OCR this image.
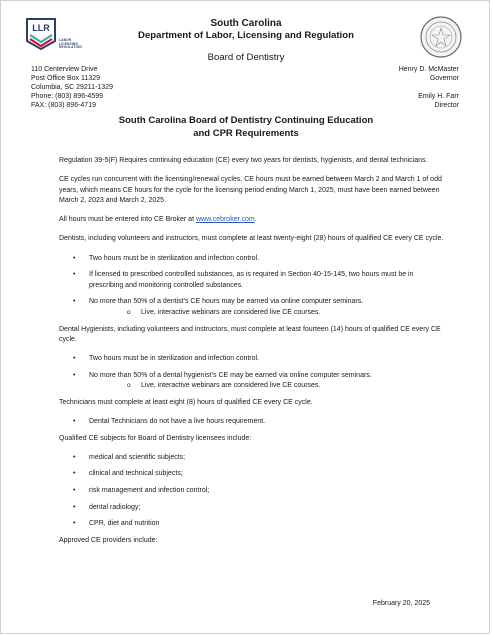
LLR
LABOR
LICENSING
REGULATION
South Carolina
Department of Labor, Licensing and Regulation
Board of Dentistry
110 Centerview Drive
Post Office Box 11329
Columbia, SC 29211-1329
Phone: (803) 896-4599
FAX: (803) 896-4719
Henry D. McMaster
Governor
Emily H. Farr
Director
South Carolina Board of Dentistry Continuing Education
and CPR Requirements

Regulation 39-5(F) Requires continuing education (CE) every two years for dentists, hygienists, and dental technicians.

CE cycles run concurrent with the licensing/renewal cycles. CE hours must be earned between March 2 and March 1 of odd years, which means CE hours for the cycle for the licensing period ending March 1, 2025, must have been earned between March 2, 2023 and March 2, 2025.

All hours must be entered into CE Broker at www.cebroker.com.

Dentists, including volunteers and instructors, must complete at least twenty-eight (28) hours of qualified CE every CE cycle.

• Two hours must be in sterilization and infection control.
• If licensed to prescribed controlled substances, as is required in Section 40-15-145, two hours must be in prescribing and monitoring controlled substances.
• No more than 50% of a dentist’s CE hours may be earned via online computer seminars.
o Live, interactive webinars are considered live CE courses.

Dental Hygienists, including volunteers and instructors, must complete at least fourteen (14) hours of qualified CE every CE cycle.

• Two hours must be in sterilization and infection control.
• No more than 50% of a dental hygienist’s CE may be earned via online computer seminars.
o Live, interactive webinars are considered live CE courses.

Technicians must complete at least eight (8) hours of qualified CE every CE cycle.

• Dental Technicians do not have a live hours requirement.

Qualified CE subjects for Board of Dentistry licensees include:

• medical and scientific subjects;
• clinical and technical subjects;
• risk management and infection control;
• dental radiology;
• CPR, diet and nutrition

Approved CE providers include:

February 20, 2025
